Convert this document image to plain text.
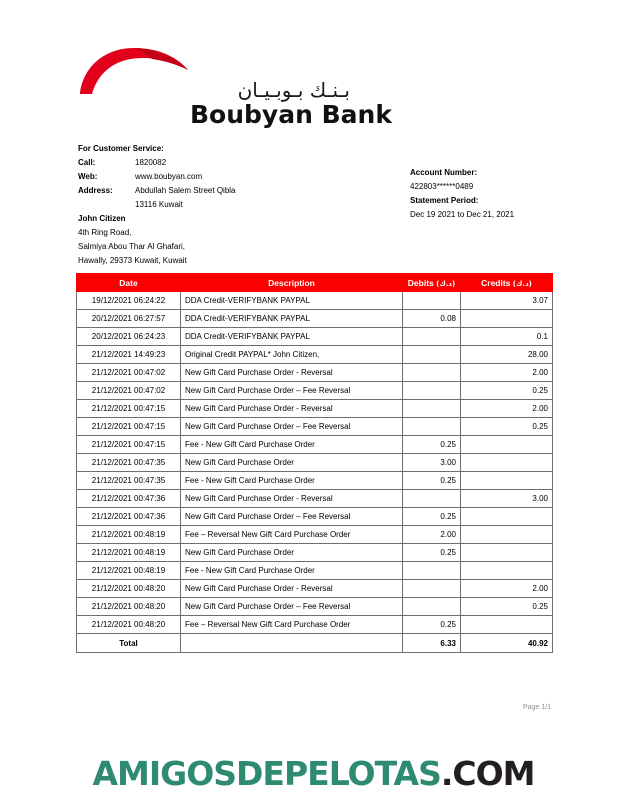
بـنـك بـوبـيـان
Boubyan Bank
For Customer Service:
Call:	1820082
Web:	www.boubyan.com
Address:	Abdullah Salem Street Qibla
13116 Kuwait
John Citizen
4th Ring Road,
Salmiya Abou Thar Al Ghafari,
Hawally, 29373 Kuwait, Kuwait
Account Number:
422803******0489
Statement Period:
Dec 19 2021 to Dec 21, 2021
Date	Description	Debits (د.ك)	Credits (د.ك)
19/12/2021 06:24:22	DDA Credit-VERIFYBANK PAYPAL		3.07
20/12/2021 06:27:57	DDA Credit-VERIFYBANK PAYPAL	0.08	
20/12/2021 06:24:23	DDA Credit-VERIFYBANK PAYPAL		0.1
21/12/2021 14:49:23	Original Credit PAYPAL* John Citizen,		28.00
21/12/2021 00:47:02	New Gift Card Purchase Order - Reversal		2.00
21/12/2021 00:47:02	New Gift Card Purchase Order – Fee Reversal		0.25
21/12/2021 00:47:15	New Gift Card Purchase Order - Reversal		2.00
21/12/2021 00:47:15	New Gift Card Purchase Order – Fee Reversal		0.25
21/12/2021 00:47:15	Fee - New Gift Card Purchase Order	0.25	
21/12/2021 00:47:35	New Gift Card Purchase Order	3.00	
21/12/2021 00:47:35	Fee - New Gift Card Purchase Order	0.25	
21/12/2021 00:47:36	New Gift Card Purchase Order - Reversal		3.00
21/12/2021 00:47:36	New Gift Card Purchase Order – Fee Reversal	0.25	
21/12/2021 00:48:19	Fee – Reversal New Gift Card Purchase Order	2.00	
21/12/2021 00:48:19	New Gift Card Purchase Order	0.25	
21/12/2021 00:48:19	Fee - New Gift Card Purchase Order		
21/12/2021 00:48:20	New Gift Card Purchase Order - Reversal		2.00
21/12/2021 00:48:20	New Gift Card Purchase Order – Fee Reversal		0.25
21/12/2021 00:48:20	Fee – Reversal New Gift Card Purchase Order	0.25	
Total		6.33	40.92
Page 1/1
AMIGOSDEPELOTAS.COM
